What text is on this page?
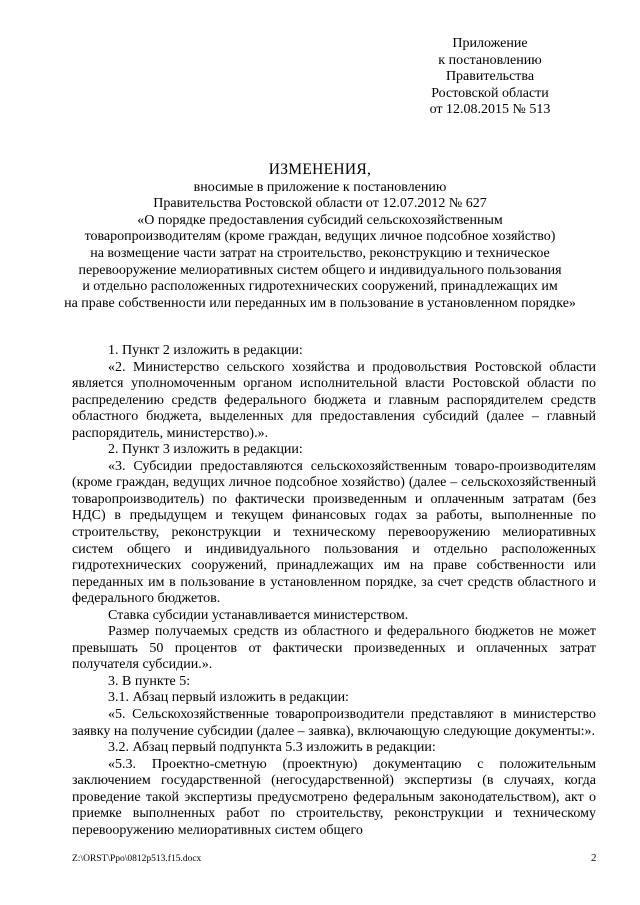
Приложение
к постановлению
Правительства
Ростовской области
от 12.08.2015 № 513
ИЗМЕНЕНИЯ,
вносимые в приложение к постановлению
Правительства Ростовской области от 12.07.2012 № 627
«О порядке предоставления субсидий сельскохозяйственным
товаропроизводителям (кроме граждан, ведущих личное подсобное хозяйство)
на возмещение части затрат на строительство, реконструкцию и техническое
перевооружение мелиоративных систем общего и индивидуального пользования
и отдельно расположенных гидротехнических сооружений, принадлежащих им
на праве собственности или переданных им в пользование в установленном порядке»

1. Пункт 2 изложить в редакции:

«2. Министерство сельского хозяйства и продовольствия Ростовской области является уполномоченным органом исполнительной власти Ростовской области по распределению средств федерального бюджета и главным распорядителем средств областного бюджета, выделенных для предоставления субсидий (далее – главный распорядитель, министерство).».

2. Пункт 3 изложить в редакции:

«3. Субсидии предоставляются сельскохозяйственным товаро-производителям (кроме граждан, ведущих личное подсобное хозяйство) (далее – сельскохозяйственный товаропроизводитель) по фактически произведенным и оплаченным затратам (без НДС) в предыдущем и текущем финансовых годах за работы, выполненные по строительству, реконструкции и техническому перевооружению мелиоративных систем общего и индивидуального пользования и отдельно расположенных гидротехнических сооружений, принадлежащих им на праве собственности или переданных им в пользование в установленном порядке, за счет средств областного и федерального бюджетов.

Ставка субсидии устанавливается министерством.

Размер получаемых средств из областного и федерального бюджетов не может превышать 50 процентов от фактически произведенных и оплаченных затрат получателя субсидии.».

3. В пункте 5:

3.1. Абзац первый изложить в редакции:

«5. Сельскохозяйственные товаропроизводители представляют в министерство заявку на получение субсидии (далее – заявка), включающую следующие документы:».

3.2. Абзац первый подпункта 5.3 изложить в редакции:

«5.3. Проектно-сметную (проектную) документацию с положительным заключением государственной (негосударственной) экспертизы (в случаях, когда проведение такой экспертизы предусмотрено федеральным законодательством), акт о приемке выполненных работ по строительству, реконструкции и техническому перевооружению мелиоративных систем общего

Z:\ORST\Ppo\0812p513.f15.docx	2
